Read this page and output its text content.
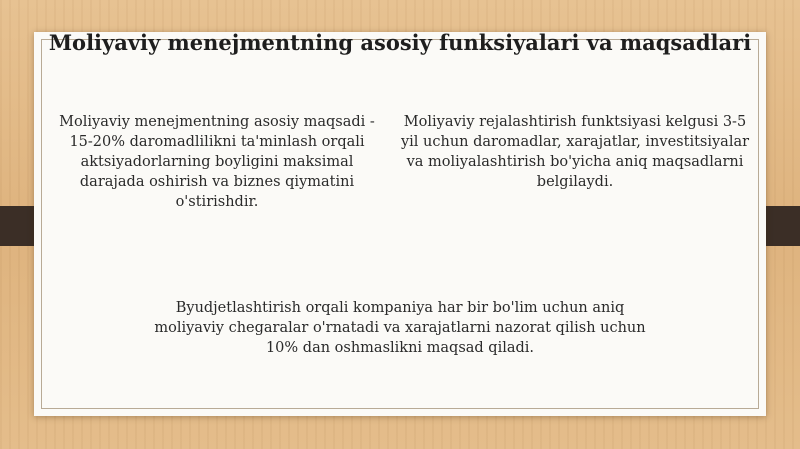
Moliyaviy menejmentning asosiy funksiyalari va maqsadlari

Moliyaviy menejmentning asosiy maqsadi - 15-20% daromadlilikni ta'minlash orqali aktsiyadorlarning boyligini maksimal darajada oshirish va biznes qiymatini o'stirishdir.

Moliyaviy rejalashtirish funktsiyasi kelgusi 3-5 yil uchun daromadlar, xarajatlar, investitsiyalar va moliyalashtirish bo'yicha aniq maqsadlarni belgilaydi.

Byudjetlashtirish orqali kompaniya har bir bo'lim uchun aniq moliyaviy chegaralar o'rnatadi va xarajatlarni nazorat qilish uchun 10% dan oshmaslikni maqsad qiladi.
